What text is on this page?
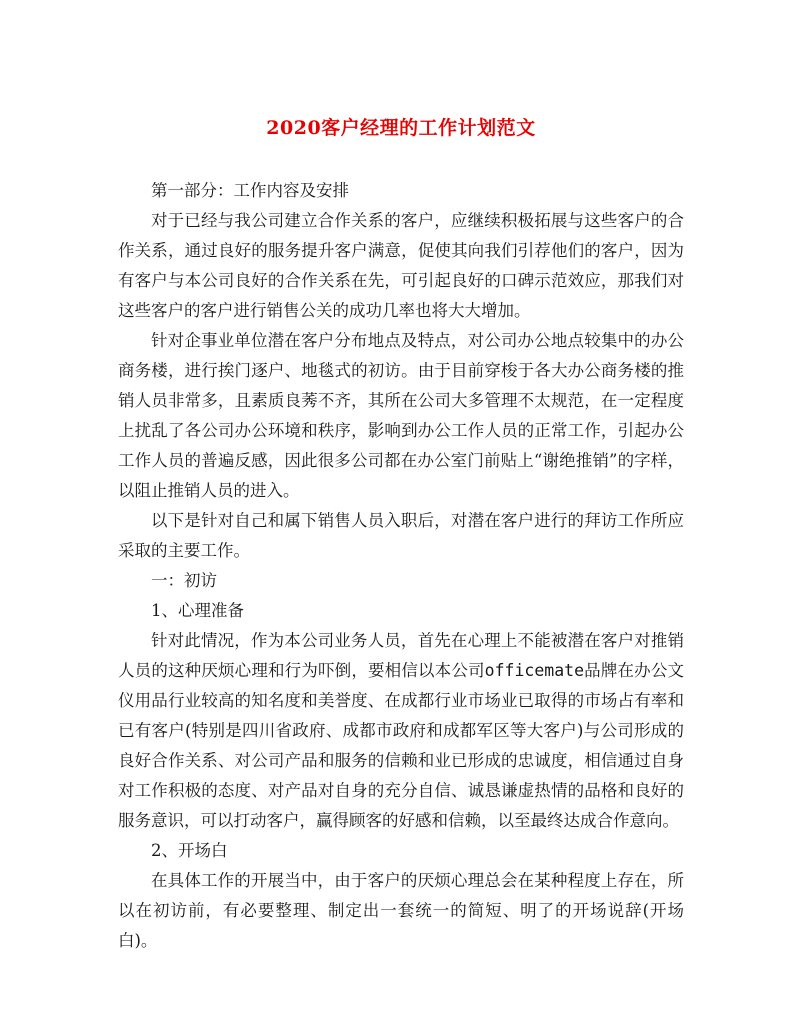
2020客户经理的工作计划范文

第一部分：工作内容及安排

对于已经与我公司建立合作关系的客户，应继续积极拓展与这些客户的合作关系，通过良好的服务提升客户满意，促使其向我们引荐他们的客户，因为有客户与本公司良好的合作关系在先，可引起良好的口碑示范效应，那我们对这些客户的客户进行销售公关的成功几率也将大大增加。

针对企事业单位潜在客户分布地点及特点，对公司办公地点较集中的办公商务楼，进行挨门逐户、地毯式的初访。由于目前穿梭于各大办公商务楼的推销人员非常多，且素质良莠不齐，其所在公司大多管理不太规范，在一定程度上扰乱了各公司办公环境和秩序，影响到办公工作人员的正常工作，引起办公工作人员的普遍反感，因此很多公司都在办公室门前贴上“谢绝推销”的字样，以阻止推销人员的进入。

以下是针对自己和属下销售人员入职后，对潜在客户进行的拜访工作所应采取的主要工作。

一：初访

1、心理准备

针对此情况，作为本公司业务人员，首先在心理上不能被潜在客户对推销人员的这种厌烦心理和行为吓倒，要相信以本公司officemate品牌在办公文仪用品行业较高的知名度和美誉度、在成都行业市场业已取得的市场占有率和已有客户(特别是四川省政府、成都市政府和成都军区等大客户)与公司形成的良好合作关系、对公司产品和服务的信赖和业已形成的忠诚度，相信通过自身对工作积极的态度、对产品对自身的充分自信、诚恳谦虚热情的品格和良好的服务意识，可以打动客户，赢得顾客的好感和信赖，以至最终达成合作意向。

2、开场白

在具体工作的开展当中，由于客户的厌烦心理总会在某种程度上存在，所以在初访前，有必要整理、制定出一套统一的简短、明了的开场说辞(开场白)。
